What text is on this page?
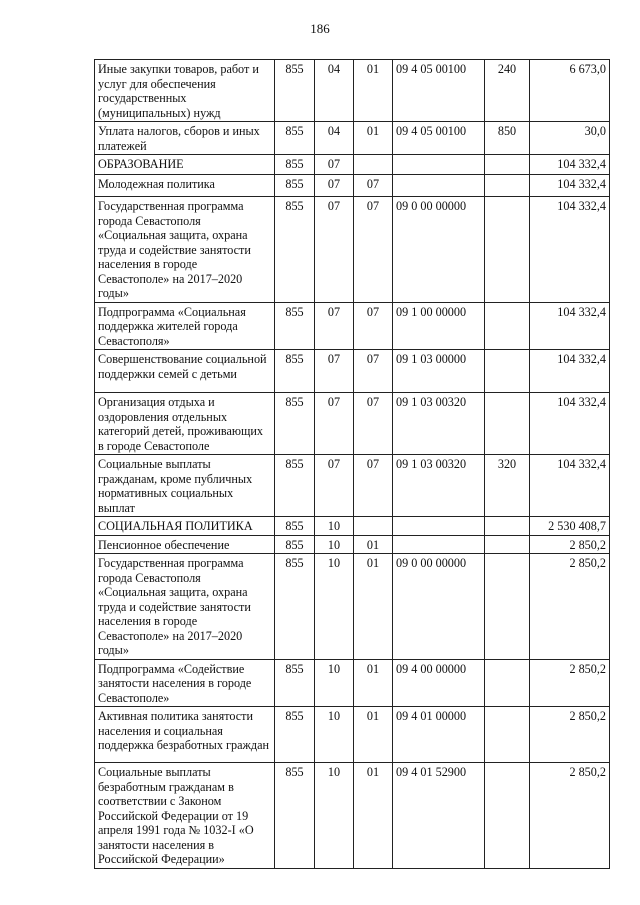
186
Иные закупки товаров, работ и услуг для обеспечения государственных (муниципальных) нужд	855	04	01	09 4 05 00100	240	6 673,0
Уплата налогов, сборов и иных платежей	855	04	01	09 4 05 00100	850	30,0
ОБРАЗОВАНИЕ	855	07				104 332,4
Молодежная политика	855	07	07			104 332,4
Государственная программа города Севастополя «Социальная защита, охрана труда и содействие занятости населения в городе Севастополе» на 2017–2020 годы»	855	07	07	09 0 00 00000		104 332,4
Подпрограмма «Социальная поддержка жителей города Севастополя»	855	07	07	09 1 00 00000		104 332,4
Совершенствование социальной поддержки семей с детьми	855	07	07	09 1 03 00000		104 332,4
Организация отдыха и оздоровления отдельных категорий детей, проживающих в городе Севастополе	855	07	07	09 1 03 00320		104 332,4
Социальные выплаты гражданам, кроме публичных нормативных социальных выплат	855	07	07	09 1 03 00320	320	104 332,4
СОЦИАЛЬНАЯ ПОЛИТИКА	855	10				2 530 408,7
Пенсионное обеспечение	855	10	01			2 850,2
Государственная программа города Севастополя «Социальная защита, охрана труда и содействие занятости населения в городе Севастополе» на 2017–2020 годы»	855	10	01	09 0 00 00000		2 850,2
Подпрограмма «Содействие занятости населения в городе Севастополе»	855	10	01	09 4 00 00000		2 850,2
Активная политика занятости населения и социальная поддержка безработных граждан	855	10	01	09 4 01 00000		2 850,2
Социальные выплаты безработным гражданам в соответствии с Законом Российской Федерации от 19 апреля 1991 года № 1032-I «О занятости населения в Российской Федерации»	855	10	01	09 4 01 52900		2 850,2
